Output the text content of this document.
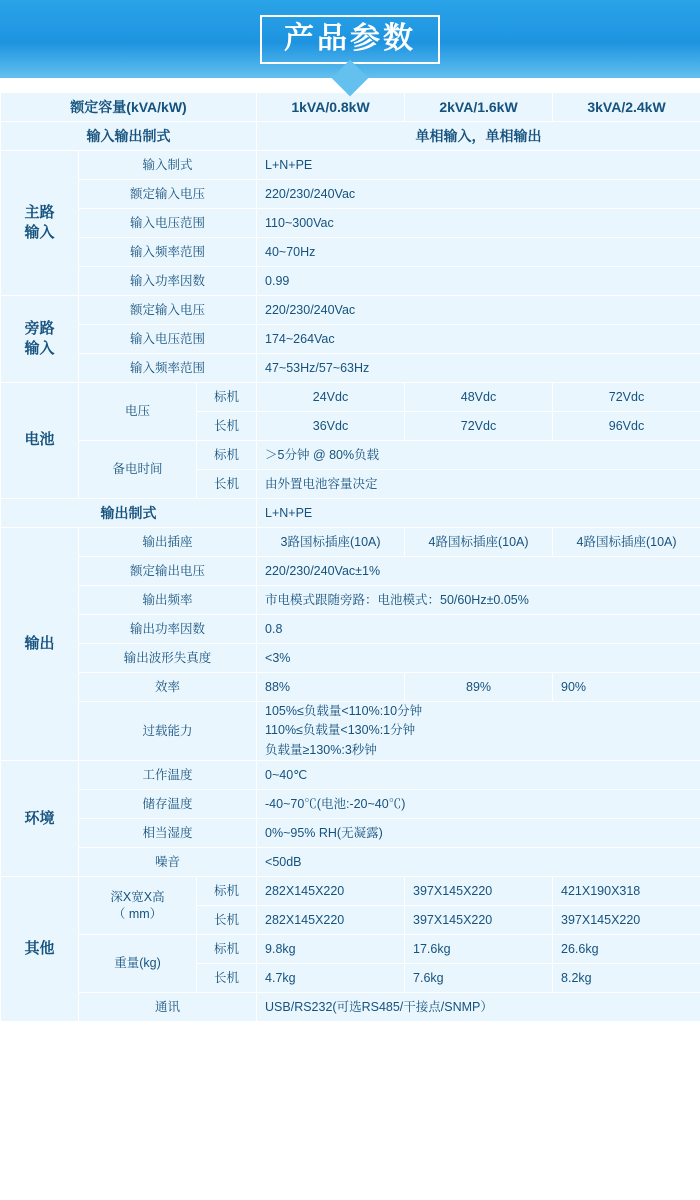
产品参数
额定容量(kVA/kW)			1kVA/0.8kW	2kVA/1.6kW	3kVA/2.4kW
输入输出制式			单相输入，单相输出		

主路
输入	输入制式		L+N+PE		
	额定输入电压		220/230/240Vac		
	输入电压范围		110~300Vac		
	输入频率范围		40~70Hz		
	输入功率因数		0.99		

旁路
输入	额定输入电压		220/230/240Vac		
	输入电压范围		174~264Vac		
	输入频率范围		47~53Hz/57~63Hz		
电池	电压	标机	24Vdc	48Vdc	72Vdc
		长机	36Vdc	72Vdc	96Vdc
	备电时间	标机	＞5分钟 @ 80%负载		
		长机	由外置电池容量决定		
输出制式			L+N+PE		
输出	输出插座		3路国标插座(10A)	4路国标插座(10A)	4路国标插座(10A)
	额定输出电压		220/230/240Vac±1%		
	输出频率		市电模式跟随旁路：电池模式：50/60Hz±0.05%		
	输出功率因数		0.8		
	输出波形失真度		<3%		
	效率		88%	89%	90%
	过载能力		105%≤负载量<110%:10分钟
110%≤负载量<130%:1分钟
负载量≥130%:3秒钟		

环境	工作温度		0~40℃		
	储存温度		-40~70℃(电池:-20~40℃)		
	相当湿度		0%~95% RH(无凝露)		
	噪音		<50dB		
其他	深X宽X高
（ mm）	标机	282X145X220	397X145X220	421X190X318
		长机	282X145X220	397X145X220	397X145X220
	重量(kg)	标机	9.8kg	17.6kg	26.6kg
		长机	4.7kg	7.6kg	8.2kg
	通讯		USB/RS232(可选RS485/干接点/SNMP）		
